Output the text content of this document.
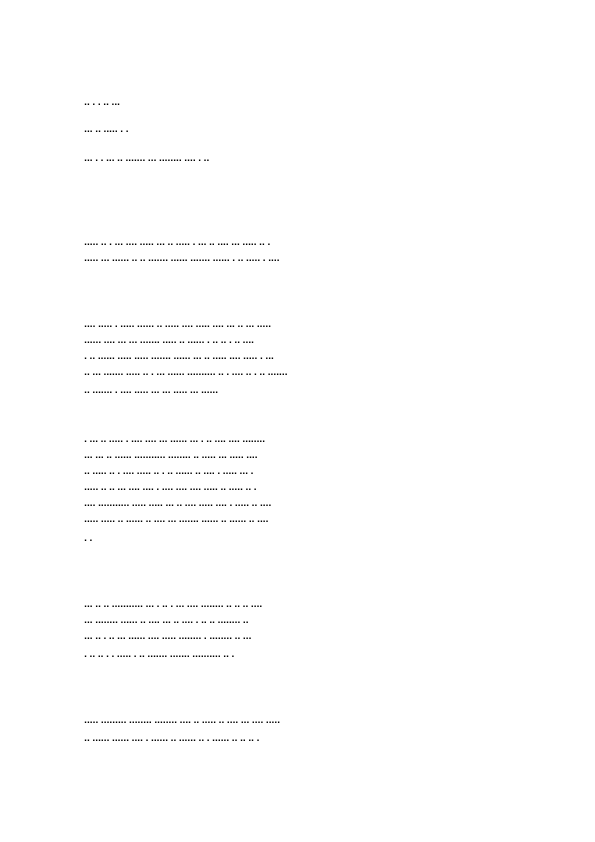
·· · · ·· ···
··· ·· ····· · ·
··· · · ··· ·· ······· ··· ········ ···· · ··
····· ·· · ··· ···· ····· ··· ·· ····· · ··· ·· ···· ··· ····· ·· ·
····· ··· ······ ·· ·· ······· ······ ······· ······ · ·· ····· · ····
···· ····· · ····· ······ ·· ····· ···· ····· ···· ··· ·· ··· ·····
······ ···· ··· ··· ······· ····· ·· ······ · ·· ·· · ·· ····
· ·· ······ ····· ····· ······· ······ ··· ·· ····· ···· ····· · ···
·· ··· ······· ····· ·· · ··· ······ ·········· ·· · ···· ·· · ·· ·······
·· ······· · ···· ····· ··· ··· ····· ··· ······
· ··· ·· ····· · ···· ···· ··· ······ ··· · ·· ···· ···· ········
··· ··· ·· ······ ··········· ········ ·· ····· ··· ····· ····
·· ····· ·· · ···· ····· ·· · ·· ······ ·· ···· · ····· ··· ·
····· ·· ·· ··· ···· ···· · ···· ···· ···· ····· ·· ····· ·· ·
···· ··········· ····· ····· ··· ·· ···· ····· ···· · ····· ·· ····
····· ····· ·· ······ ·· ···· ··· ······· ······ ·· ······ ·· ····
· ·
··· ·· ·· ··········· ··· · ·· · ··· ···· ········ ·· ·· ·· ····
··· ········ ······ ·· ···· ··· ·· ···· · ·· ·· ········ ··
··· ·· · ·· ··· ······ ···· ····· ········ · ········ ·· ···
· ·· ·· · · ····· · ·· ······· ······· ·········· ·· ·
····· ········· ········ ········ ···· ·· ····· ·· ···· ··· ···· ·····
·· ······ ······ ···· · ······ ·· ······ ·· · ······ ·· ·· ·· ·
